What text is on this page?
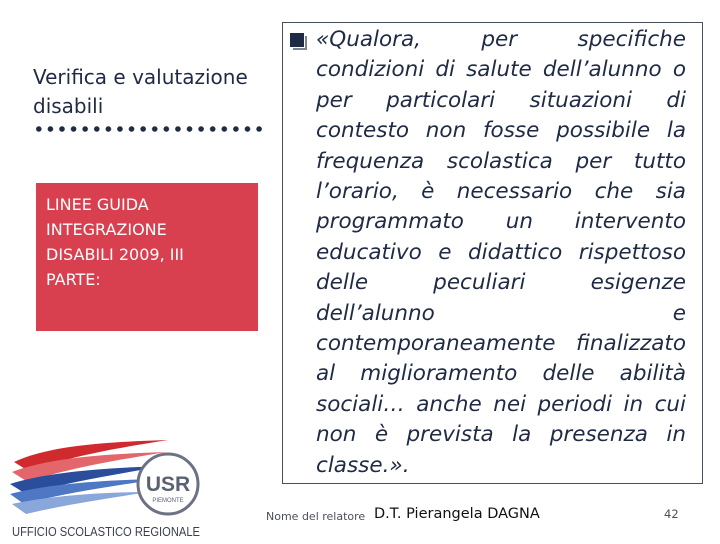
Verifica e valutazione disabili

LINEE GUIDA
INTEGRAZIONE
DISABILI 2009, III
PARTE:

«Qualora, per specifiche condizioni di salute dell’alunno o per particolari situazioni di contesto non fosse possibile la frequenza scolastica per tutto l’orario, è necessario che sia programmato un intervento educativo e didattico rispettoso delle peculiari esigenze dell’alunno e contemporaneamente finalizzato al miglioramento delle abilità sociali… anche nei periodi in cui non è prevista la presenza in classe.».

USR
PIEMONTE
UFFICIO SCOLASTICO REGIONALE

Nome del relatore D.T. Pierangela DAGNA	42
